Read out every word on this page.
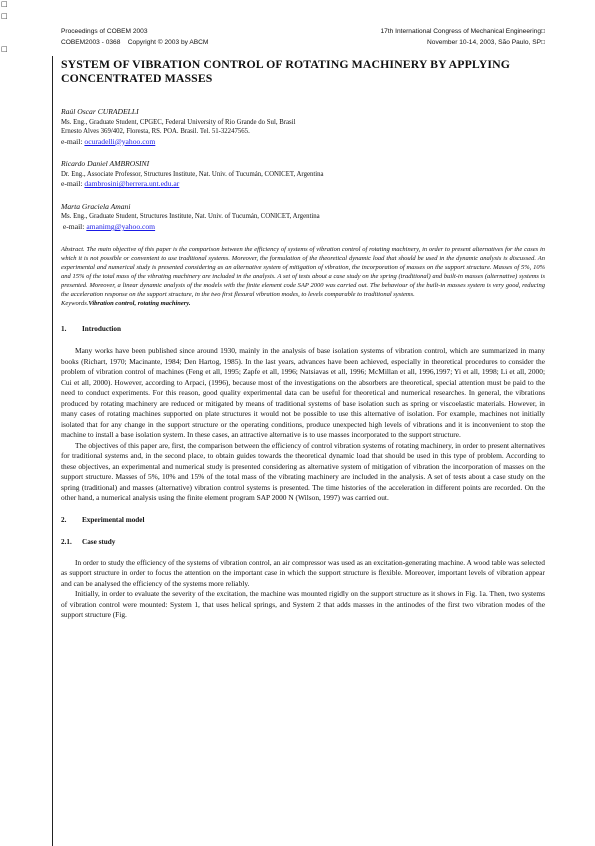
□
□
□
Proceedings of COBEM 2003	17th International Congress of Mechanical Engineering□
COBEM2003 - 0368    Copyright © 2003 by ABCM	November 10-14, 2003, São Paulo, SP□
SYSTEM OF VIBRATION CONTROL OF ROTATING MACHINERY BY APPLYING CONCENTRATED MASSES
Raúl Oscar CURADELLI
Ms. Eng., Graduate Student, CPGEC, Federal University of Rio Grande do Sul, Brasil
Ernesto Alves 369/402, Floresta, RS. POA. Brasil. Tel. 51-32247565.
e-mail: ocuradelli@yahoo.com
Ricardo Daniel AMBROSINI
Dr. Eng., Associate Professor, Structures Institute, Nat. Univ. of Tucumán, CONICET, Argentina
e-mail: dambrosini@herrera.unt.edu.ar
Marta Graciela Amani
Ms. Eng., Graduate Student, Structures Institute, Nat. Univ. of Tucumán, CONICET, Argentina
e-mail: amanimg@yahoo.com
Abstract. The main objective of this paper is the comparison between the efficiency of systems of vibration control of rotating machinery, in order to present alternatives for the cases in which it is not possible or convenient to use traditional systems. Moreover, the formulation of the theoretical dynamic load that should be used in the dynamic analysis is discussed. An experimental and numerical study is presented considering as an alternative system of mitigation of vibration, the incorporation of masses on the support structure. Masses of 5%, 10% and 15% of the total mass of the vibrating machinery are included in the analysis. A set of tests about a case study on the spring (traditional) and built-in masses (alternative) systems is presented. Moreover, a linear dynamic analysis of the models with the finite element code SAP 2000 was carried out. The behaviour of the built-in masses system is very good, reducing the acceleration response on the support structure, in the two first flexural vibration modes, to levels comparable to traditional systems.
Keywords.Vibration control, rotating machinery.
1. Introduction

Many works have been published since around 1930, mainly in the analysis of base isolation systems of vibration control, which are summarized in many books (Richart, 1970; Macinante, 1984; Den Hartog, 1985). In the last years, advances have been achieved, especially in theoretical procedures to consider the problem of vibration control of machines (Feng et all, 1995; Zapfe et all, 1996; Natsiavas et all, 1996; McMillan et all, 1996,1997; Yi et all, 1998; Li et all, 2000; Cui et all, 2000). However, according to Arpaci, (1996), because most of the investigations on the absorbers are theoretical, special attention must be paid to the need to conduct experiments. For this reason, good quality experimental data can be useful for theoretical and numerical researches. In general, the vibrations produced by rotating machinery are reduced or mitigated by means of traditional systems of base isolation such as spring or viscoelastic materials. However, in many cases of rotating machines supported on plate structures it would not be possible to use this alternative of isolation. For example, machines not initially isolated that for any change in the support structure or the operating conditions, produce unexpected high levels of vibrations and it is inconvenient to stop the machine to install a base isolation system. In these cases, an attractive alternative is to use masses incorporated to the support structure.

The objectives of this paper are, first, the comparison between the efficiency of control vibration systems of rotating machinery, in order to present alternatives for traditional systems and, in the second place, to obtain guides towards the theoretical dynamic load that should be used in this type of problem. According to these objectives, an experimental and numerical study is presented considering as alternative system of mitigation of vibration the incorporation of masses on the support structure. Masses of 5%, 10% and 15% of the total mass of the vibrating machinery are included in the analysis. A set of tests about a case study on the spring (traditional) and masses (alternative) vibration control systems is presented. The time histories of the acceleration in different points are recorded. On the other hand, a numerical analysis using the finite element program SAP 2000 N (Wilson, 1997) was carried out.

2. Experimental model
2.1. Case study

In order to study the efficiency of the systems of vibration control, an air compressor was used as an excitation-generating machine. A wood table was selected as support structure in order to focus the attention on the important case in which the support structure is flexible. Moreover, important levels of vibration appear and can be analysed the efficiency of the systems more reliably.

Initially, in order to evaluate the severity of the excitation, the machine was mounted rigidly on the support structure as it shows in Fig. 1a. Then, two systems of vibration control were mounted: System 1, that uses helical springs, and System 2 that adds masses in the antinodes of the first two vibration modes of the support structure (Fig.
